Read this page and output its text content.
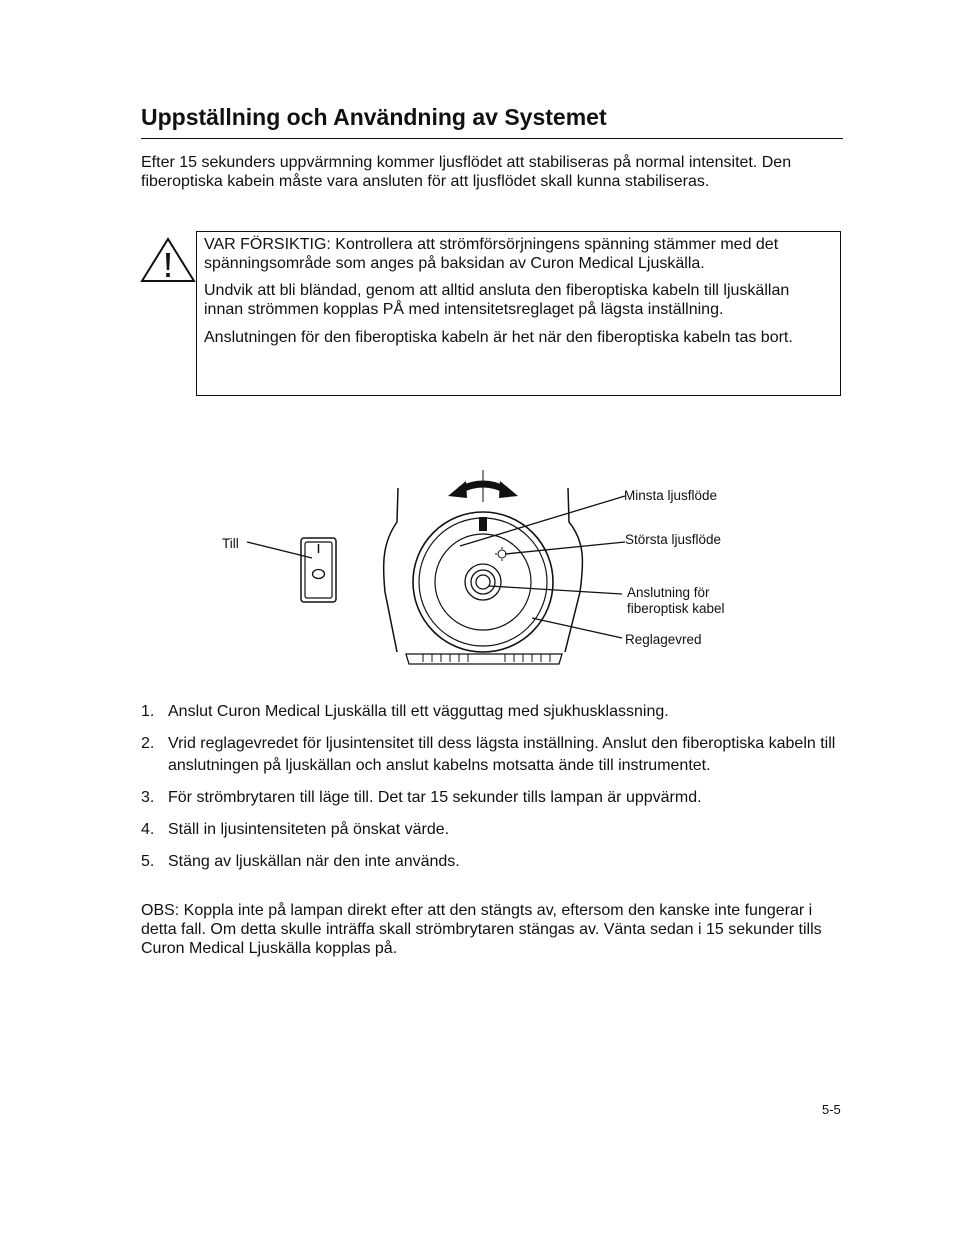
Uppställning och Användning av Systemet

Efter 15 sekunders uppvärmning kommer ljusflödet att stabiliseras på normal intensitet. Den fiberoptiska kabein måste vara ansluten för att ljusflödet skall kunna stabiliseras.

VAR FÖRSIKTIG: Kontrollera att strömförsörjningens spänning stämmer med det spänningsområde som anges på baksidan av Curon Medical Ljuskälla.

Undvik att bli bländad, genom att alltid ansluta den fiberoptiska kabeln till ljuskällan innan strömmen kopplas PÅ med intensitetsreglaget på lägsta inställning.

Anslutningen för den fiberoptiska kabeln är het när den fiberoptiska kabeln tas bort.

Till
Minsta ljusflöde
Största ljusflöde
Anslutning för
fiberoptisk kabel
Reglagevred
1. Anslut Curon Medical Ljuskälla till ett vägguttag med sjukhusklassning.
2. Vrid reglagevredet för ljusintensitet till dess lägsta inställning. Anslut den fiberoptiska kabeln till anslutningen på ljuskällan och anslut kabelns motsatta ände till instrumentet.
3. För strömbrytaren till läge till. Det tar 15 sekunder tills lampan är uppvärmd.
4. Ställ in ljusintensiteten på önskat värde.
5. Stäng av ljuskällan när den inte används.

OBS: Koppla inte på lampan direkt efter att den stängts av, eftersom den kanske inte fungerar i detta fall. Om detta skulle inträffa skall strömbrytaren stängas av. Vänta sedan i 15 sekunder tills Curon Medical Ljuskälla kopplas på.

5-5
